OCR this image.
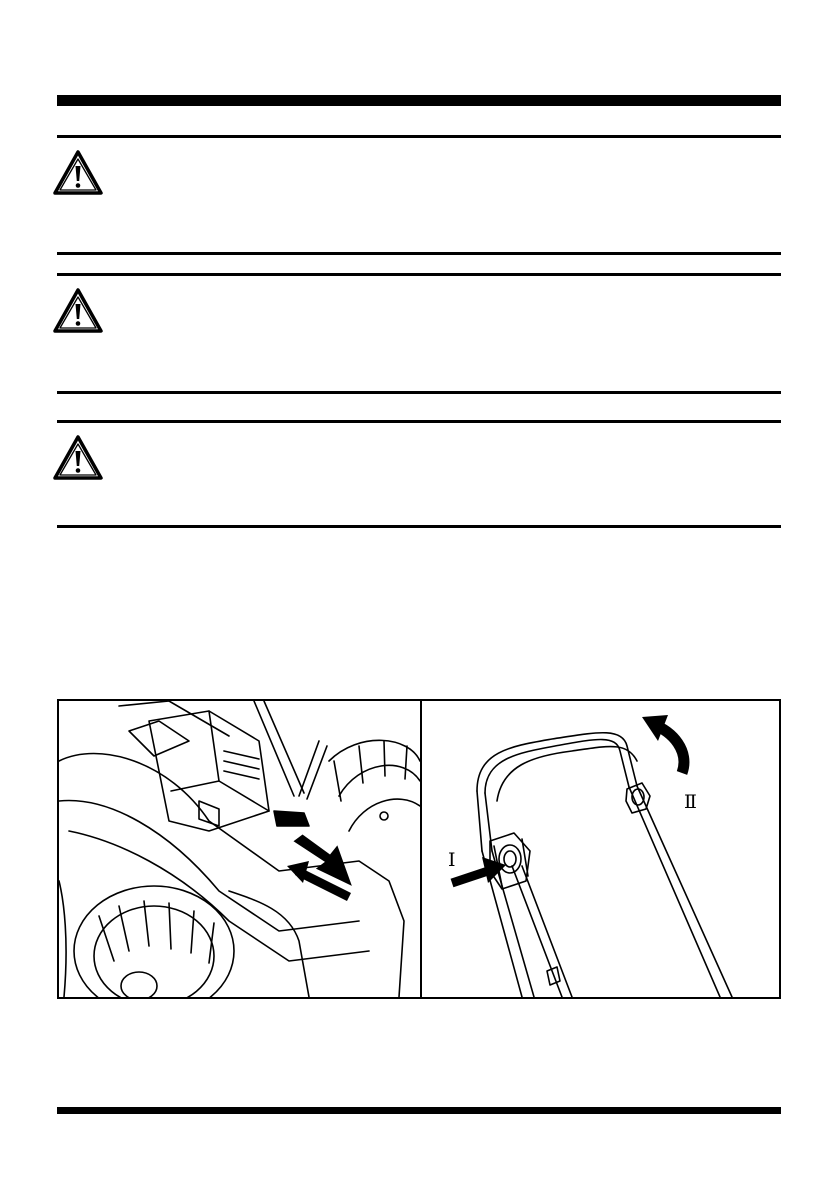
Ⅰ
Ⅱ
